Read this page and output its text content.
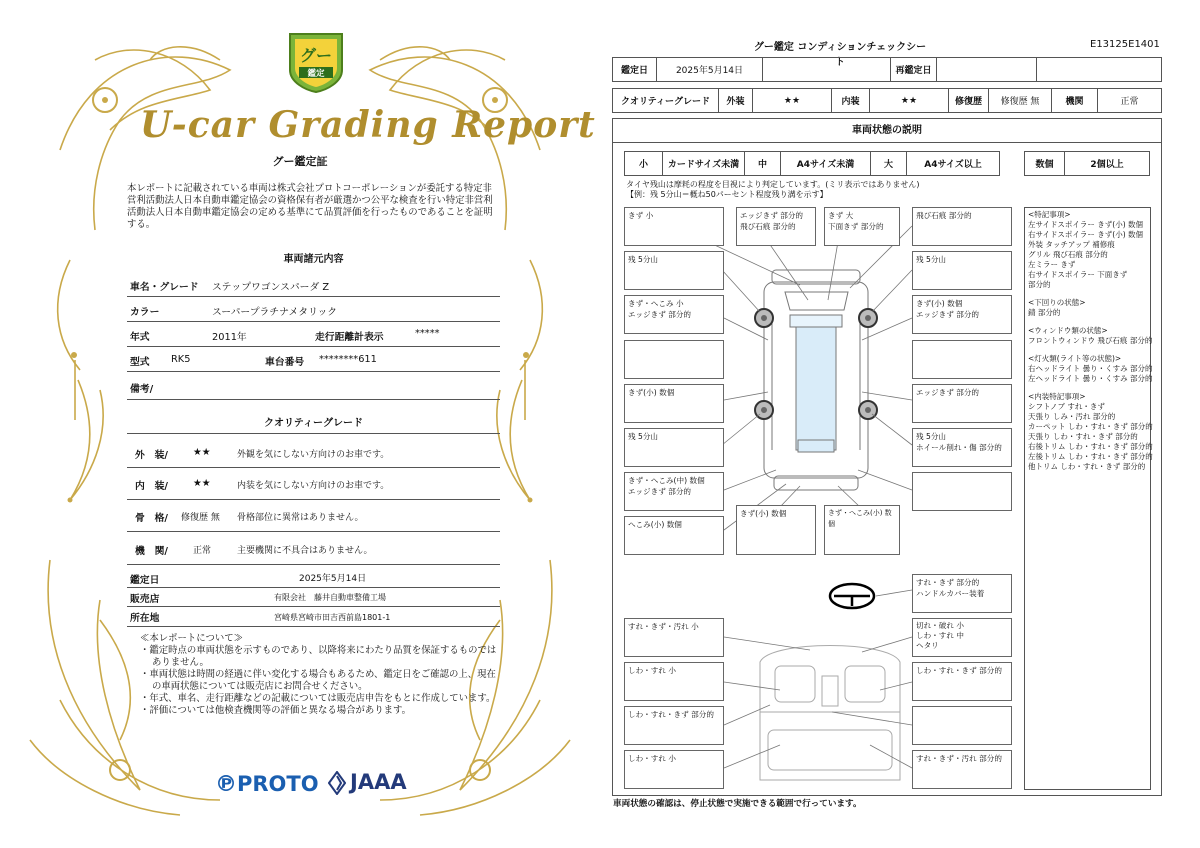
グー
鑑定
U-car Grading Report
グー鑑定証
本レポートに記載されている車両は株式会社プロトコーポレーションが委託する特定非営利活動法人日本自動車鑑定協会の資格保有者が厳選かつ公平な検査を行い特定非営利活動法人日本自動車鑑定協会の定める基準にて品質評価を行ったものであることを証明する。
車両諸元内容
車名・グレード ステップワゴンスパーダ Z
カラー	スーパープラチナメタリック
年式	2011年	走行距離計表示	*****
型式 RK5	車台番号 ********611
備考/
クオリティーグレード
外　装/	★★	外観を気にしない方向けのお車です。
内　装/	★★	内装を気にしない方向けのお車です。
骨　格/ 修復歴 無 骨格部位に異常はありません。
機　関/	正常	主要機関に不具合はありません。
鑑定日	2025年5月14日
販売店	有限会社　藤井自動車整備工場
所在地	宮崎県宮崎市田吉西前島1801-1
≪本レポートについて≫
・鑑定時点の車両状態を示すものであり、以降将来にわたり品質を保証するものではありません。
・車両状態は時間の経過に伴い変化する場合もあるため、鑑定日をご確認の上、現在の車両状態については販売店にお問合せください。
・年式、車名、走行距離などの記載については販売店申告をもとに作成しています。
・評価については他検査機関等の評価と異なる場合があります。
℗PROTO	JAAA
グー鑑定 コンディションチェックシート
E13125E1401
鑑定日	2025年5月14日	再鑑定日
クオリティーグレード	外装	★★	内装	★★	修復歴	修復歴 無	機関	正常
車両状態の説明
小	カードサイズ未満	中	A4サイズ未満	大	A4サイズ以上	数個	2個以上
タイヤ残山は摩耗の程度を目視により判定しています。(ミリ表示ではありません)
【例：残 5分山＝概ね50パーセント程度残り溝を示す】
きず 小	エッジきず 部分的
飛び石痕 部分的
きず 大
下面きず 部分的
飛び石痕 部分的
残 5分山	残 5分山
きず・へこみ 小
エッジきず 部分的
きず(小) 数個
エッジきず 部分的
きず(小) 数個	エッジきず 部分的
残 5分山	残 5分山
ホイール削れ・傷 部分的
きず・へこみ(中) 数個
エッジきず 部分的
へこみ(小) 数個
きず(小) 数個	きず・へこみ(小) 数個
すれ・きず 部分的
ハンドルカバー装着
すれ・きず・汚れ 小	切れ・破れ 小
しわ・すれ 中
ヘタリ
しわ・すれ 小	しわ・すれ・きず 部分的
しわ・すれ・きず 部分的
しわ・すれ 小	すれ・きず・汚れ 部分的
<特記事項>
左サイドスポイラー きず(小) 数個
右サイドスポイラー きず(小) 数個
外装 タッチアップ 補修痕
グリル 飛び石痕 部分的
左ミラー きず
右サイドスポイラー 下面きず
部分的
<下回りの状態>
錆 部分的
<ウィンドウ類の状態>
フロントウィンドウ 飛び石痕 部分的
<灯火類(ライト等の状態)>
右ヘッドライト 曇り・くすみ 部分的
左ヘッドライト 曇り・くすみ 部分的
<内装特記事項>
シフトノブ すれ・きず
天張り しみ・汚れ 部分的
カーペット しわ・すれ・きず 部分的
天張り しわ・すれ・きず 部分的
右後トリム しわ・すれ・きず 部分的
左後トリム しわ・すれ・きず 部分的
他トリム しわ・すれ・きず 部分的
車両状態の確認は、停止状態で実施できる範囲で行っています。
